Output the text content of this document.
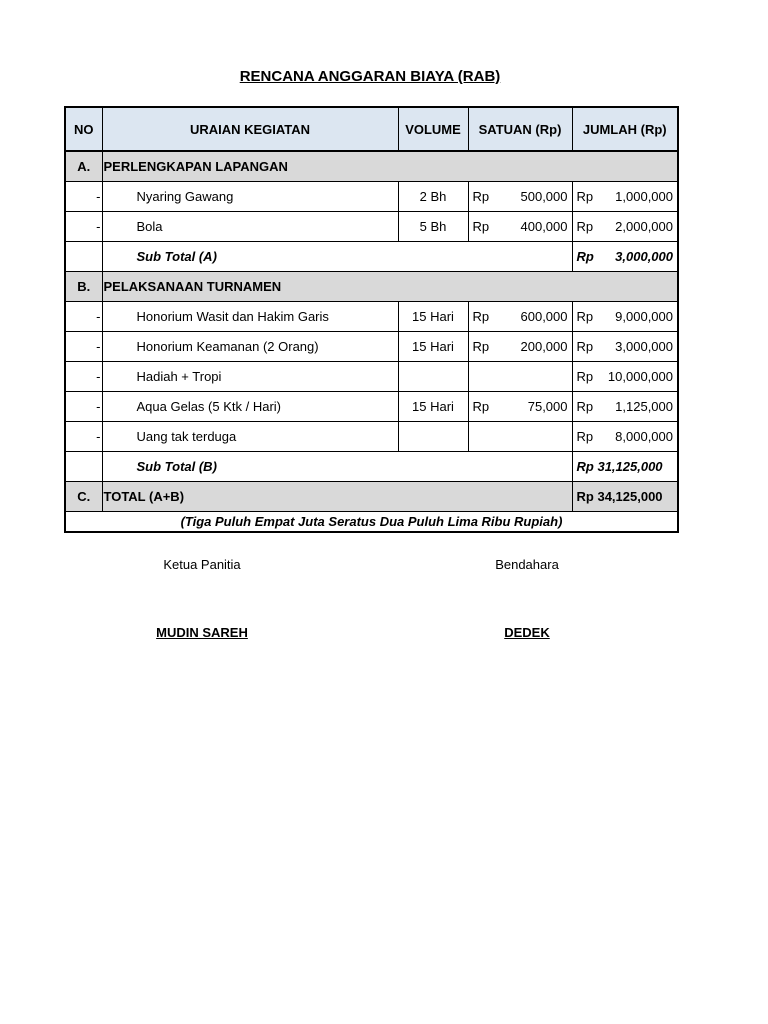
RENCANA ANGGARAN BIAYA (RAB)
NO	URAIAN KEGIATAN	VOLUME	SATUAN (Rp)	JUMLAH (Rp)
A.	PERLENGKAPAN LAPANGAN			
-	Nyaring Gawang	2 Bh	Rp 500,000	Rp 1,000,000

-	Bola	5 Bh	Rp 400,000	Rp 2,000,000

	Sub Total (A)			Rp 3,000,000

B.	PELAKSANAAN TURNAMEN			
-	Honorium Wasit dan Hakim Garis	15 Hari	Rp 600,000	Rp 9,000,000

-	Honorium Keamanan (2 Orang)	15 Hari	Rp 200,000	Rp 3,000,000

-	Hadiah + Tropi			Rp 10,000,000

-	Aqua Gelas (5 Ktk / Hari)	15 Hari	Rp 75,000	Rp 1,125,000

-	Uang tak terduga			Rp 8,000,000

	Sub Total (B)			Rp 31,125,000
C.	TOTAL (A+B)			Rp 34,125,000
(Tiga Puluh Empat Juta Seratus Dua Puluh Lima Ribu Rupiah)				
Ketua Panitia	Bendahara
MUDIN SAREH	DEDEK
